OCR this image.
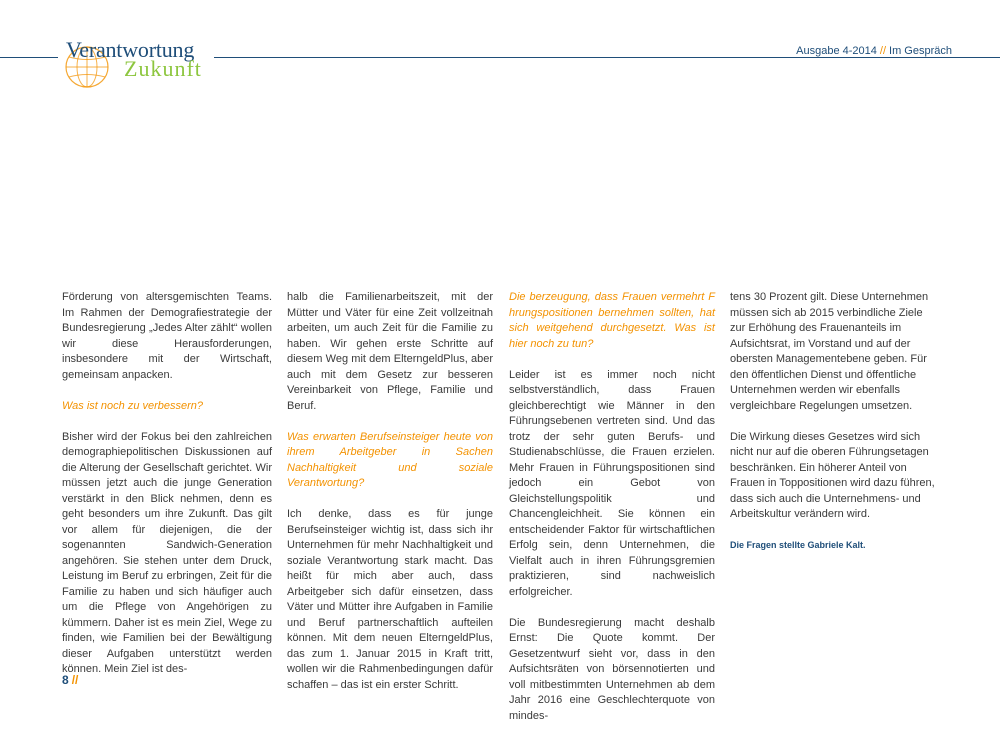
Verantwortung
Zukunft
Ausgabe 4-2014 // Im Gespräch

Förderung von altersgemischten Teams. Im Rahmen der Demografiestrategie der Bundesregierung „Jedes Alter zählt“ wollen wir diese Herausforderungen, insbesondere mit der Wirtschaft, gemeinsam anpacken.

Was ist noch zu verbessern?

Bisher wird der Fokus bei den zahlreichen demographiepolitischen Diskussionen auf die Alterung der Gesellschaft gerichtet. Wir müssen jetzt auch die junge Generation verstärkt in den Blick nehmen, denn es geht besonders um ihre Zukunft. Das gilt vor allem für diejenigen, die der sogenannten Sandwich-Generation angehören. Sie stehen unter dem Druck, Leistung im Beruf zu erbringen, Zeit für die Familie zu haben und sich häufiger auch um die Pflege von Angehörigen zu kümmern. Daher ist es mein Ziel, Wege zu finden, wie Familien bei der Bewältigung dieser Aufgaben unterstützt werden können. Mein Ziel ist des-

halb die Familienarbeitszeit, mit der Mütter und Väter für eine Zeit vollzeitnah arbeiten, um auch Zeit für die Familie zu haben. Wir gehen erste Schritte auf diesem Weg mit dem ElterngeldPlus, aber auch mit dem Gesetz zur besseren Vereinbarkeit von Pflege, Familie und Beruf.

Was erwarten Berufseinsteiger heute von ihrem Arbeitgeber in Sachen Nachhaltigkeit und soziale Verantwortung?

Ich denke, dass es für junge Berufseinsteiger wichtig ist, dass sich ihr Unternehmen für mehr Nachhaltigkeit und soziale Verantwortung stark macht. Das heißt für mich aber auch, dass Arbeitgeber sich dafür einsetzen, dass Väter und Mütter ihre Aufgaben in Familie und Beruf partnerschaftlich aufteilen können. Mit dem neuen ElterngeldPlus, das zum 1. Januar 2015 in Kraft tritt, wollen wir die Rahmenbedingungen dafür schaffen – das ist ein erster Schritt.

Die berzeugung, dass Frauen vermehrt F hrungspositionen bernehmen sollten, hat sich weitgehend durchgesetzt. Was ist hier noch zu tun?

Leider ist es immer noch nicht selbstverständlich, dass Frauen gleichberechtigt wie Männer in den Führungsebenen vertreten sind. Und das trotz der sehr guten Berufs- und Studienabschlüsse, die Frauen erzielen. Mehr Frauen in Führungspositionen sind jedoch ein Gebot von Gleichstellungspolitik und Chancengleichheit. Sie können ein entscheidender Faktor für wirtschaftlichen Erfolg sein, denn Unternehmen, die Vielfalt auch in ihren Führungsgremien praktizieren, sind nachweislich erfolgreicher.

Die Bundesregierung macht deshalb Ernst: Die Quote kommt. Der Gesetzentwurf sieht vor, dass in den Aufsichtsräten von börsennotierten und voll mitbestimmten Unternehmen ab dem Jahr 2016 eine Geschlechterquote von mindes-

tens 30 Prozent gilt. Diese Unternehmen müssen sich ab 2015 verbindliche Ziele zur Erhöhung des Frauenanteils im Aufsichtsrat, im Vorstand und auf der obersten Managementebene geben. Für den öffentlichen Dienst und öffentliche Unternehmen werden wir ebenfalls vergleichbare Regelungen umsetzen.

Die Wirkung dieses Gesetzes wird sich nicht nur auf die oberen Führungsetagen beschränken. Ein höherer Anteil von Frauen in Toppositionen wird dazu führen, dass sich auch die Unternehmens- und Arbeitskultur verändern wird.

Die Fragen stellte Gabriele Kalt.

8 //
